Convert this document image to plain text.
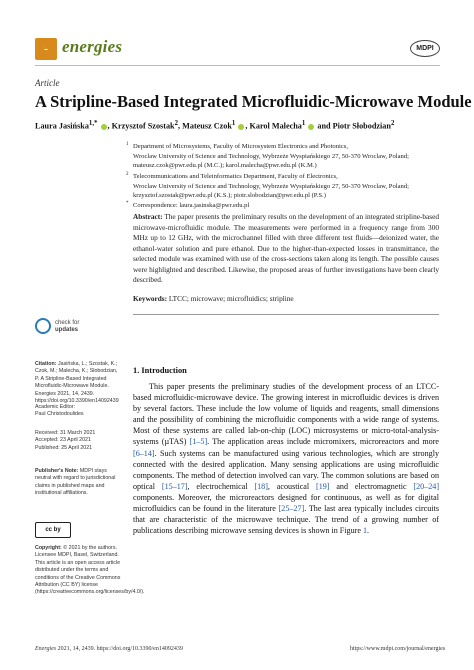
energies	MDPI
Article
A Stripline-Based Integrated Microfluidic-Microwave Module
Laura Jasińska$^{1,*}$ , Krzysztof Szostak$^2$, Mateusz Czok$^1$ , Karol Malecha$^1$  and Piotr Słobodzian$^2$
1 Department of Microsystems, Faculty of Microsystem Electronics and Photonics,
Wroclaw University of Science and Technology, Wybrzeże Wyspiańskiego 27, 50-370 Wroclaw, Poland;
mateusz.czok@pwr.edu.pl (M.C.); karol.malecha@pwr.edu.pl (K.M.)
2 Telecommunications and Teleinformatics Department, Faculty of Electronics,
Wroclaw University of Science and Technology, Wybrzeże Wyspiańskiego 27, 50-370 Wroclaw, Poland;
krzysztof.szostak@pwr.edu.pl (K.S.); piotr.slobodzian@pwr.edu.pl (P.S.)
* Correspondence: laura.jasinska@pwr.edu.pl
Abstract: The paper presents the preliminary results on the development of an integrated stripline-based microwave-microfluidic module. The measurements were performed in a frequency range from 300 MHz up to 12 GHz, with the microchannel filled with three different test fluids—deionized water, the ethanol-water solution and pure ethanol. Due to the higher-than-expected losses in transmittance, the selected module was examined with use of the cross-sections taken along its length. The possible causes were highlighted and described. Likewise, the proposed areas of further investigations have been clearly described.
Keywords: LTCC; microwave; microfluidics; stripline
check for
updates
Citation: Jasińska, L.; Szostak, K.; Czok, M.; Malecha, K.; Słobodzian, P. A Stripline-Based Integrated Microfluidic-Microwave Module. Energies 2021, 14, 2439. https://doi.org/10.3390/en14092439
Academic Editor:
Paul Christodoulides
Received: 31 March 2021
Accepted: 23 April 2021
Published: 25 April 2021
Publisher's Note: MDPI stays neutral with regard to jurisdictional claims in published maps and institutional affiliations.
cc by
Copyright: © 2021 by the authors. Licensee MDPI, Basel, Switzerland. This article is an open access article distributed under the terms and conditions of the Creative Commons Attribution (CC BY) license (https://creativecommons.org/licenses/by/4.0/).
1. Introduction
This paper presents the preliminary studies of the development process of an LTCC-based microfluidic-microwave device. The growing interest in microfluidic devices is driven by several factors. These include the low volume of liquids and reagents, small dimensions and the possibility of combining the microfluidic components with a wide range of systems. Most of these systems are called lab-on-chip (LOC) microsystems or micro-total-analysis-systems (µTAS) [1–5]. The application areas include micromixers, microreactors and more [6–14]. Such systems can be manufactured using various technologies, which are strongly connected with the desired application. Many sensing applications are using microfluidic components. The method of detection involved can vary. The common solutions are based on optical [15–17], electrochemical [18], acoustical [19] and electromagnetic [20–24] components. Moreover, the microreactors designed for continuous, as well as for digital microfluidics can be found in the literature [25–27]. The last area typically includes circuits that are characteristic of the microwave technique. The trend of a growing number of publications describing microwave sensing devices is shown in Figure 1.
Energies 2021, 14, 2439. https://doi.org/10.3390/en14092439	https://www.mdpi.com/journal/energies
